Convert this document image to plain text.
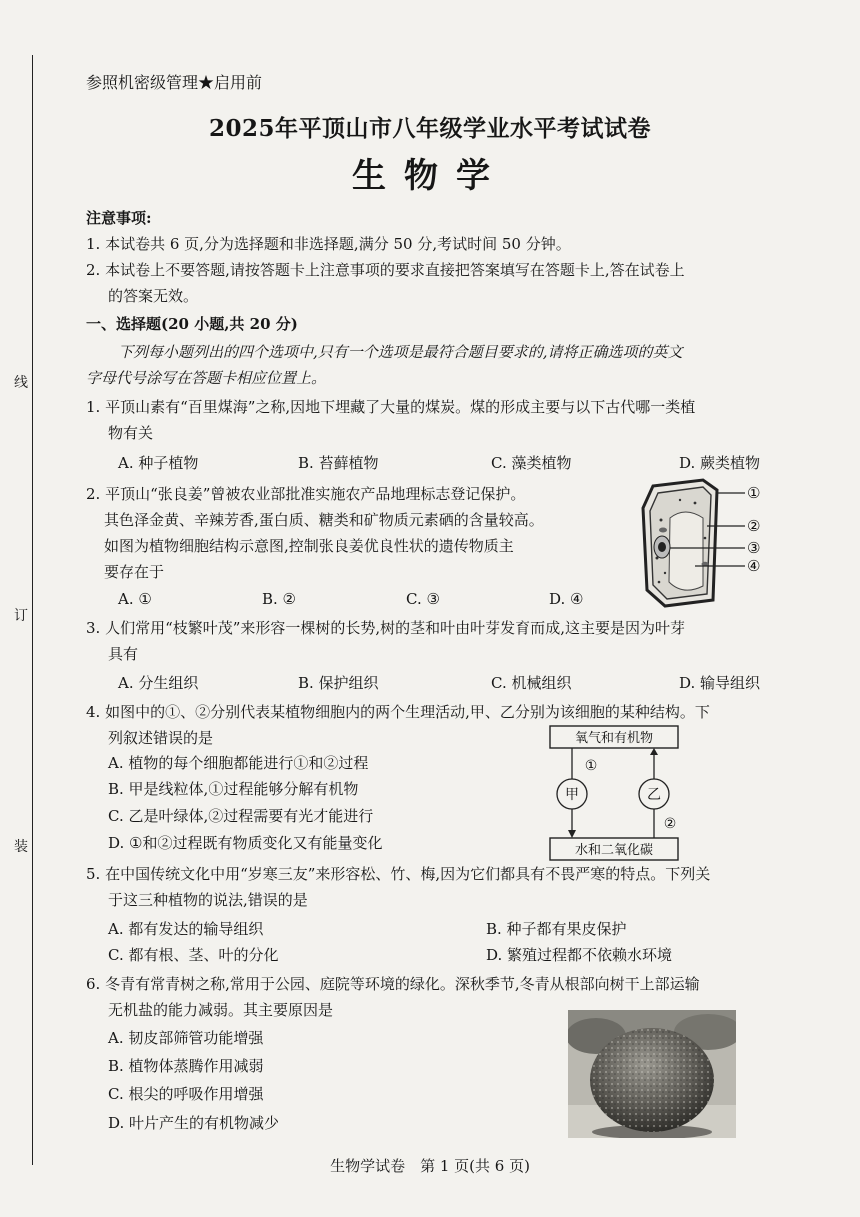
线
订
装
参照机密级管理★启用前
2025年平顶山市八年级学业水平考试试卷
生物学
注意事项:
1. 本试卷共 6 页,分为选择题和非选择题,满分 50 分,考试时间 50 分钟。
2. 本试卷上不要答题,请按答题卡上注意事项的要求直接把答案填写在答题卡上,答在试卷上
的答案无效。
一、选择题(20 小题,共 20 分)
下列每小题列出的四个选项中,只有一个选项是最符合题目要求的,请将正确选项的英文
字母代号涂写在答题卡相应位置上。
1. 平顶山素有“百里煤海”之称,因地下埋藏了大量的煤炭。煤的形成主要与以下古代哪一类植
物有关
A. 种子植物	B. 苔藓植物	C. 藻类植物	D. 蕨类植物
2. 平顶山“张良姜”曾被农业部批准实施农产品地理标志登记保护。
其色泽金黄、辛辣芳香,蛋白质、糖类和矿物质元素硒的含量较高。
如图为植物细胞结构示意图,控制张良姜优良性状的遗传物质主
要存在于
A. ①	B. ②	C. ③	D. ④
①
②
③
④
3. 人们常用“枝繁叶茂”来形容一棵树的长势,树的茎和叶由叶芽发育而成,这主要是因为叶芽
具有
A. 分生组织	B. 保护组织	C. 机械组织	D. 输导组织
4. 如图中的①、②分别代表某植物细胞内的两个生理活动,甲、乙分别为该细胞的某种结构。下
列叙述错误的是
A. 植物的每个细胞都能进行①和②过程
B. 甲是线粒体,①过程能够分解有机物
C. 乙是叶绿体,②过程需要有光才能进行
D. ①和②过程既有物质变化又有能量变化
氧气和有机物
水和二氧化碳
甲	乙
①
②
5. 在中国传统文化中用“岁寒三友”来形容松、竹、梅,因为它们都具有不畏严寒的特点。下列关
于这三种植物的说法,错误的是
A. 都有发达的输导组织	B. 种子都有果皮保护
C. 都有根、茎、叶的分化	D. 繁殖过程都不依赖水环境
6. 冬青有常青树之称,常用于公园、庭院等环境的绿化。深秋季节,冬青从根部向树干上部运输
无机盐的能力减弱。其主要原因是
A. 韧皮部筛管功能增强
B. 植物体蒸腾作用减弱
C. 根尖的呼吸作用增强
D. 叶片产生的有机物减少
生物学试卷　第 1 页(共 6 页)
